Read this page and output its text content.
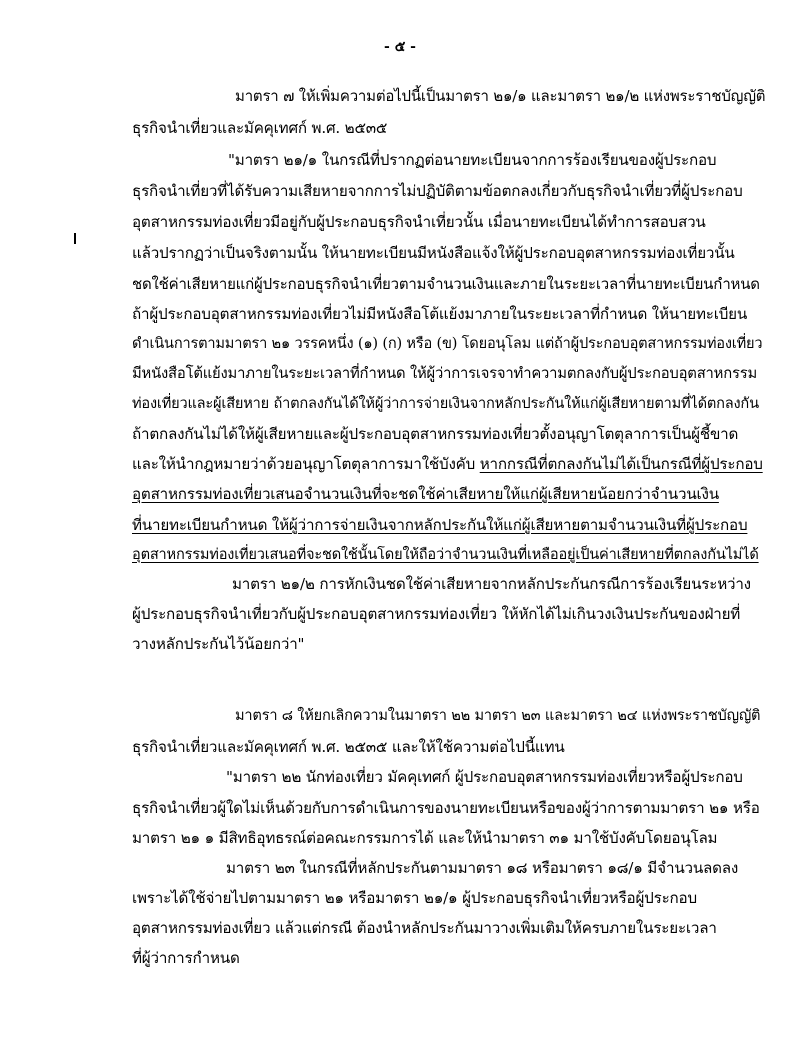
- ๕ -
มาตรา ๗ ให้เพิ่มความต่อไปนี้เป็นมาตรา ๒๑/๑ และมาตรา ๒๑/๒ แห่งพระราชบัญญัติ
ธุรกิจนำเที่ยวและมัคคุเทศก์ พ.ศ. ๒๕๓๕
"มาตรา ๒๑/๑ ในกรณีที่ปรากฏต่อนายทะเบียนจากการร้องเรียนของผู้ประกอบ
ธุรกิจนำเที่ยวที่ได้รับความเสียหายจากการไม่ปฏิบัติตามข้อตกลงเกี่ยวกับธุรกิจนำเที่ยวที่ผู้ประกอบ
อุตสาหกรรมท่องเที่ยวมีอยู่กับผู้ประกอบธุรกิจนำเที่ยวนั้น เมื่อนายทะเบียนได้ทำการสอบสวน
แล้วปรากฏว่าเป็นจริงตามนั้น ให้นายทะเบียนมีหนังสือแจ้งให้ผู้ประกอบอุตสาหกรรมท่องเที่ยวนั้น
ชดใช้ค่าเสียหายแก่ผู้ประกอบธุรกิจนำเที่ยวตามจำนวนเงินและภายในระยะเวลาที่นายทะเบียนกำหนด
ถ้าผู้ประกอบอุตสาหกรรมท่องเที่ยวไม่มีหนังสือโต้แย้งมาภายในระยะเวลาที่กำหนด ให้นายทะเบียน
ดำเนินการตามมาตรา ๒๑ วรรคหนึ่ง (๑) (ก) หรือ (ข) โดยอนุโลม แต่ถ้าผู้ประกอบอุตสาหกรรมท่องเที่ยว
มีหนังสือโต้แย้งมาภายในระยะเวลาที่กำหนด ให้ผู้ว่าการเจรจาทำความตกลงกับผู้ประกอบอุตสาหกรรม
ท่องเที่ยวและผู้เสียหาย ถ้าตกลงกันได้ให้ผู้ว่าการจ่ายเงินจากหลักประกันให้แก่ผู้เสียหายตามที่ได้ตกลงกัน
ถ้าตกลงกันไม่ได้ให้ผู้เสียหายและผู้ประกอบอุตสาหกรรมท่องเที่ยวตั้งอนุญาโตตุลาการเป็นผู้ชี้ขาด
และให้นำกฎหมายว่าด้วยอนุญาโตตุลาการมาใช้บังคับ หากกรณีที่ตกลงกันไม่ได้เป็นกรณีที่ผู้ประกอบ
อุตสาหกรรมท่องเที่ยวเสนอจำนวนเงินที่จะชดใช้ค่าเสียหายให้แก่ผู้เสียหายน้อยกว่าจำนวนเงิน
ที่นายทะเบียนกำหนด ให้ผู้ว่าการจ่ายเงินจากหลักประกันให้แก่ผู้เสียหายตามจำนวนเงินที่ผู้ประกอบ
อุตสาหกรรมท่องเที่ยวเสนอที่จะชดใช้นั้นโดยให้ถือว่าจำนวนเงินที่เหลืออยู่เป็นค่าเสียหายที่ตกลงกันไม่ได้
มาตรา ๒๑/๒ การหักเงินชดใช้ค่าเสียหายจากหลักประกันกรณีการร้องเรียนระหว่าง
ผู้ประกอบธุรกิจนำเที่ยวกับผู้ประกอบอุตสาหกรรมท่องเที่ยว ให้หักได้ไม่เกินวงเงินประกันของฝ่ายที่
วางหลักประกันไว้น้อยกว่า"
มาตรา ๘ ให้ยกเลิกความในมาตรา ๒๒ มาตรา ๒๓ และมาตรา ๒๔ แห่งพระราชบัญญัติ
ธุรกิจนำเที่ยวและมัคคุเทศก์ พ.ศ. ๒๕๓๕ และให้ใช้ความต่อไปนี้แทน
"มาตรา ๒๒ นักท่องเที่ยว มัคคุเทศก์ ผู้ประกอบอุตสาหกรรมท่องเที่ยวหรือผู้ประกอบ
ธุรกิจนำเที่ยวผู้ใดไม่เห็นด้วยกับการดำเนินการของนายทะเบียนหรือของผู้ว่าการตามมาตรา ๒๑ หรือ
มาตรา ๒๑ ๑ มีสิทธิอุทธรณ์ต่อคณะกรรมการได้ และให้นำมาตรา ๓๑ มาใช้บังคับโดยอนุโลม
มาตรา ๒๓ ในกรณีที่หลักประกันตามมาตรา ๑๘ หรือมาตรา ๑๘/๑ มีจำนวนลดลง
เพราะได้ใช้จ่ายไปตามมาตรา ๒๑ หรือมาตรา ๒๑/๑ ผู้ประกอบธุรกิจนำเที่ยวหรือผู้ประกอบ
อุตสาหกรรมท่องเที่ยว แล้วแต่กรณี ต้องนำหลักประกันมาวางเพิ่มเติมให้ครบภายในระยะเวลา
ที่ผู้ว่าการกำหนด
